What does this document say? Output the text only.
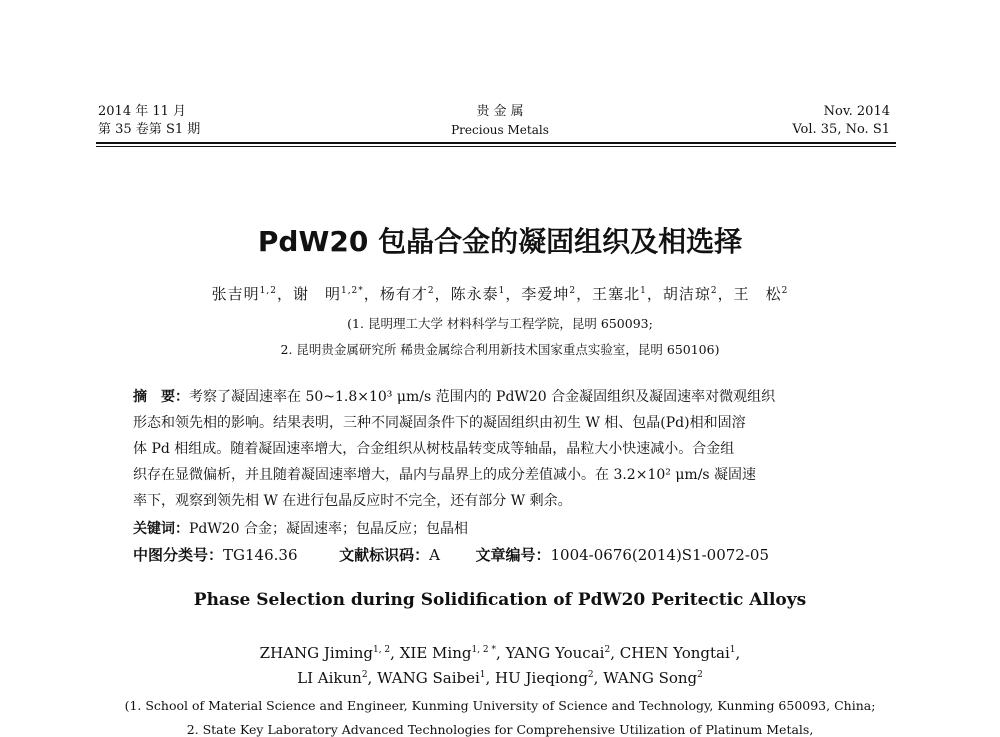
2014 年 11 月
第 35 卷第 S1 期
贵 金 属
Precious Metals
Nov. 2014
Vol. 35, No. S1
PdW20 包晶合金的凝固组织及相选择
张吉明$^{1,2}$，谢　明$^{1,2*}$，杨有才$^2$，陈永泰$^1$，李爱坤$^2$，王塞北$^1$，胡洁琼$^2$，王　松$^2$
(1. 昆明理工大学 材料科学与工程学院，昆明 650093;
2. 昆明贵金属研究所 稀贵金属综合利用新技术国家重点实验室，昆明 650106)

摘　要：考察了凝固速率在 50~1.8×10³ μm/s 范围内的 PdW20 合金凝固组织及凝固速率对微观组织

形态和领先相的影响。结果表明，三种不同凝固条件下的凝固组织由初生 W 相、包晶(Pd)相和固溶

体 Pd 相组成。随着凝固速率增大，合金组织从树枝晶转变成等轴晶，晶粒大小快速减小。合金组

织存在显微偏析，并且随着凝固速率增大，晶内与晶界上的成分差值减小。在 3.2×10² μm/s 凝固速

率下，观察到领先相 W 在进行包晶反应时不完全，还有部分 W 剩余。

关键词：PdW20 合金；凝固速率；包晶反应；包晶相
中图分类号：TG146.36	文献标识码：A 文章编号：1004-0676(2014)S1-0072-05
Phase Selection during Solidification of PdW20 Peritectic Alloys
ZHANG Jiming$^{1, 2}$, XIE Ming$^{1, 2 *}$, YANG Youcai$^2$, CHEN Yongtai$^1$,
LI Aikun$^2$, WANG Saibei$^1$, HU Jieqiong$^2$, WANG Song$^2$
(1. School of Material Science and Engineer, Kunming University of Science and Technology, Kunming 650093, China;
2. State Key Laboratory Advanced Technologies for Comprehensive Utilization of Platinum Metals,
